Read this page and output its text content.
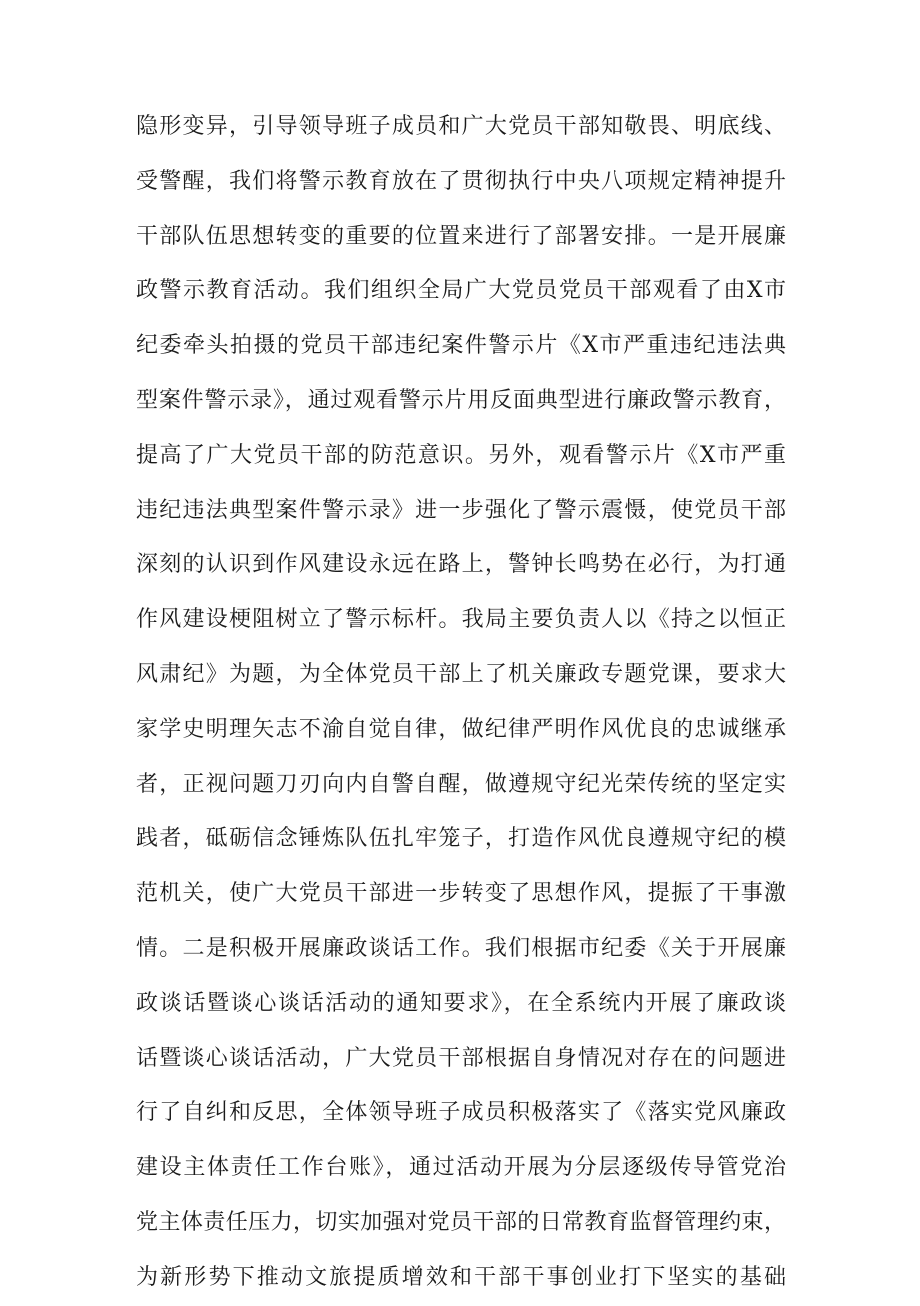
隐形变异，引导领导班子成员和广大党员干部知敬畏、明底线、
受警醒，我们将警示教育放在了贯彻执行中央八项规定精神提升
干部队伍思想转变的重要的位置来进行了部署安排。一是开展廉
政警示教育活动。我们组织全局广大党员党员干部观看了由X市
纪委牵头拍摄的党员干部违纪案件警示片《X市严重违纪违法典
型案件警示录》，通过观看警示片用反面典型进行廉政警示教育，
提高了广大党员干部的防范意识。另外，观看警示片《X市严重
违纪违法典型案件警示录》进一步强化了警示震慑，使党员干部
深刻的认识到作风建设永远在路上，警钟长鸣势在必行，为打通
作风建设梗阻树立了警示标杆。我局主要负责人以《持之以恒正
风肃纪》为题，为全体党员干部上了机关廉政专题党课，要求大
家学史明理矢志不渝自觉自律，做纪律严明作风优良的忠诚继承
者，正视问题刀刃向内自警自醒，做遵规守纪光荣传统的坚定实
践者，砥砺信念锤炼队伍扎牢笼子，打造作风优良遵规守纪的模
范机关，使广大党员干部进一步转变了思想作风，提振了干事激
情。二是积极开展廉政谈话工作。我们根据市纪委《关于开展廉
政谈话暨谈心谈话活动的通知要求》，在全系统内开展了廉政谈
话暨谈心谈话活动，广大党员干部根据自身情况对存在的问题进
行了自纠和反思，全体领导班子成员积极落实了《落实党风廉政
建设主体责任工作台账》，通过活动开展为分层逐级传导管党治
党主体责任压力，切实加强对党员干部的日常教育监督管理约束，
为新形势下推动文旅提质增效和干部干事创业打下坚实的基础
